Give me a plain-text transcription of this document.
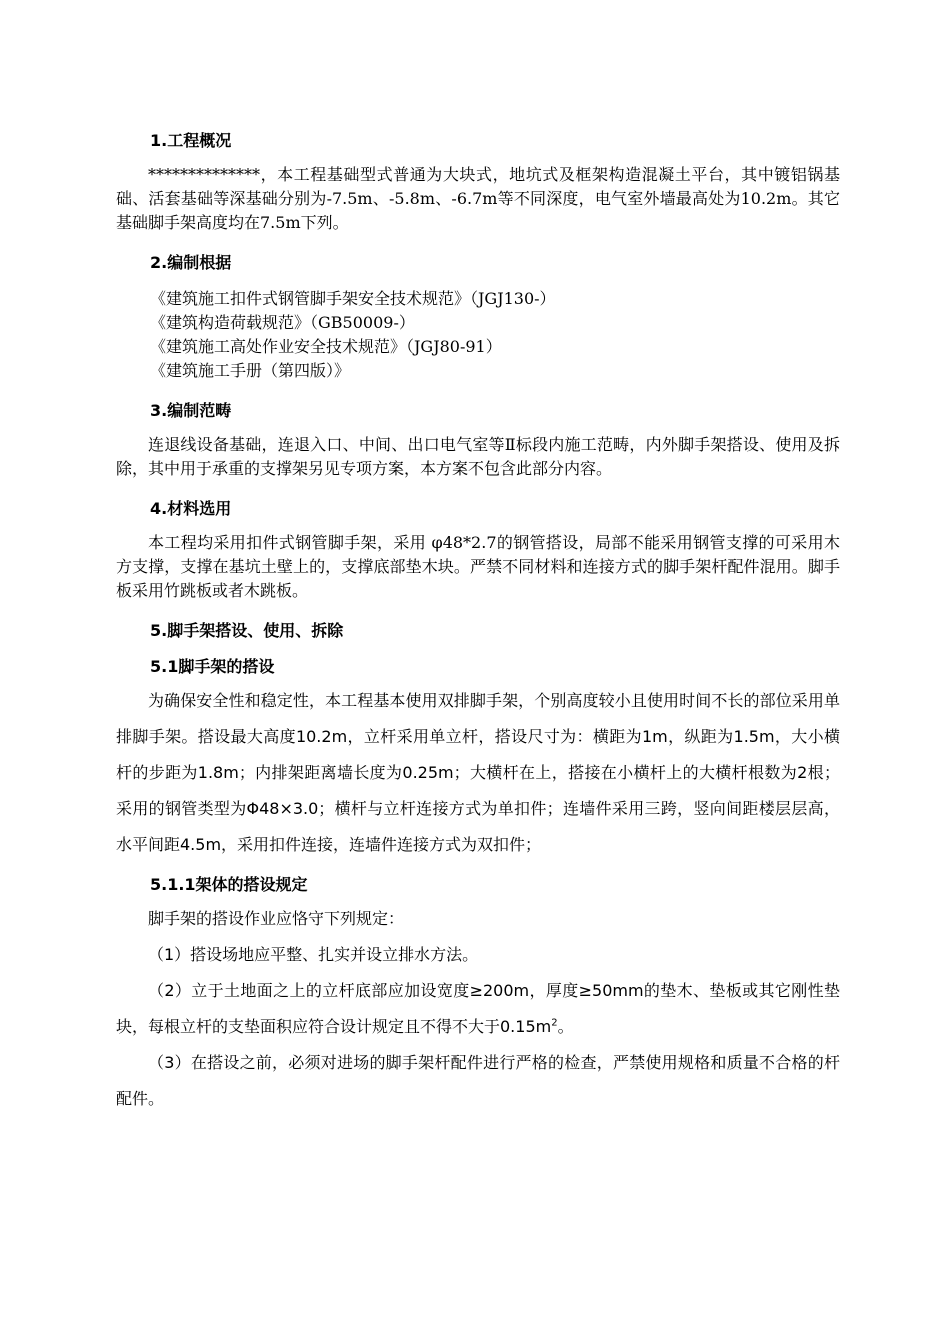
1.工程概况

**************，本工程基础型式普通为大块式，地坑式及框架构造混凝土平台，其中镀铝锅基础、活套基础等深基础分别为-7.5m、-5.8m、-6.7m等不同深度，电气室外墙最高处为10.2m。其它基础脚手架高度均在7.5m下列。

2.编制根据
《建筑施工扣件式钢管脚手架安全技术规范》（JGJ130-）
《建筑构造荷载规范》（GB50009-）
《建筑施工高处作业安全技术规范》（JGJ80-91）
《建筑施工手册（第四版）》
3.编制范畴

连退线设备基础，连退入口、中间、出口电气室等Ⅱ标段内施工范畴，内外脚手架搭设、使用及拆除，其中用于承重的支撑架另见专项方案，本方案不包含此部分内容。

4.材料选用

本工程均采用扣件式钢管脚手架，采用 φ48*2.7的钢管搭设，局部不能采用钢管支撑的可采用木方支撑，支撑在基坑土壁上的，支撑底部垫木块。严禁不同材料和连接方式的脚手架杆配件混用。脚手板采用竹跳板或者木跳板。

5.脚手架搭设、使用、拆除
5.1脚手架的搭设

为确保安全性和稳定性，本工程基本使用双排脚手架，个别高度较小且使用时间不长的部位采用单排脚手架。搭设最大高度10.2m，立杆采用单立杆，搭设尺寸为：横距为1m，纵距为1.5m，大小横杆的步距为1.8m；内排架距离墙长度为0.25m；大横杆在上，搭接在小横杆上的大横杆根数为2根；采用的钢管类型为Φ48×3.0；横杆与立杆连接方式为单扣件；连墙件采用三跨，竖向间距楼层层高，水平间距4.5m，采用扣件连接，连墙件连接方式为双扣件；

5.1.1架体的搭设规定

脚手架的搭设作业应恪守下列规定：

（1）搭设场地应平整、扎实并设立排水方法。

（2）立于土地面之上的立杆底部应加设宽度≥200m，厚度≥50mm的垫木、垫板或其它刚性垫块，每根立杆的支垫面积应符合设计规定且不得不大于$0.15m^2$。

（3）在搭设之前，必须对进场的脚手架杆配件进行严格的检查，严禁使用规格和质量不合格的杆配件。
